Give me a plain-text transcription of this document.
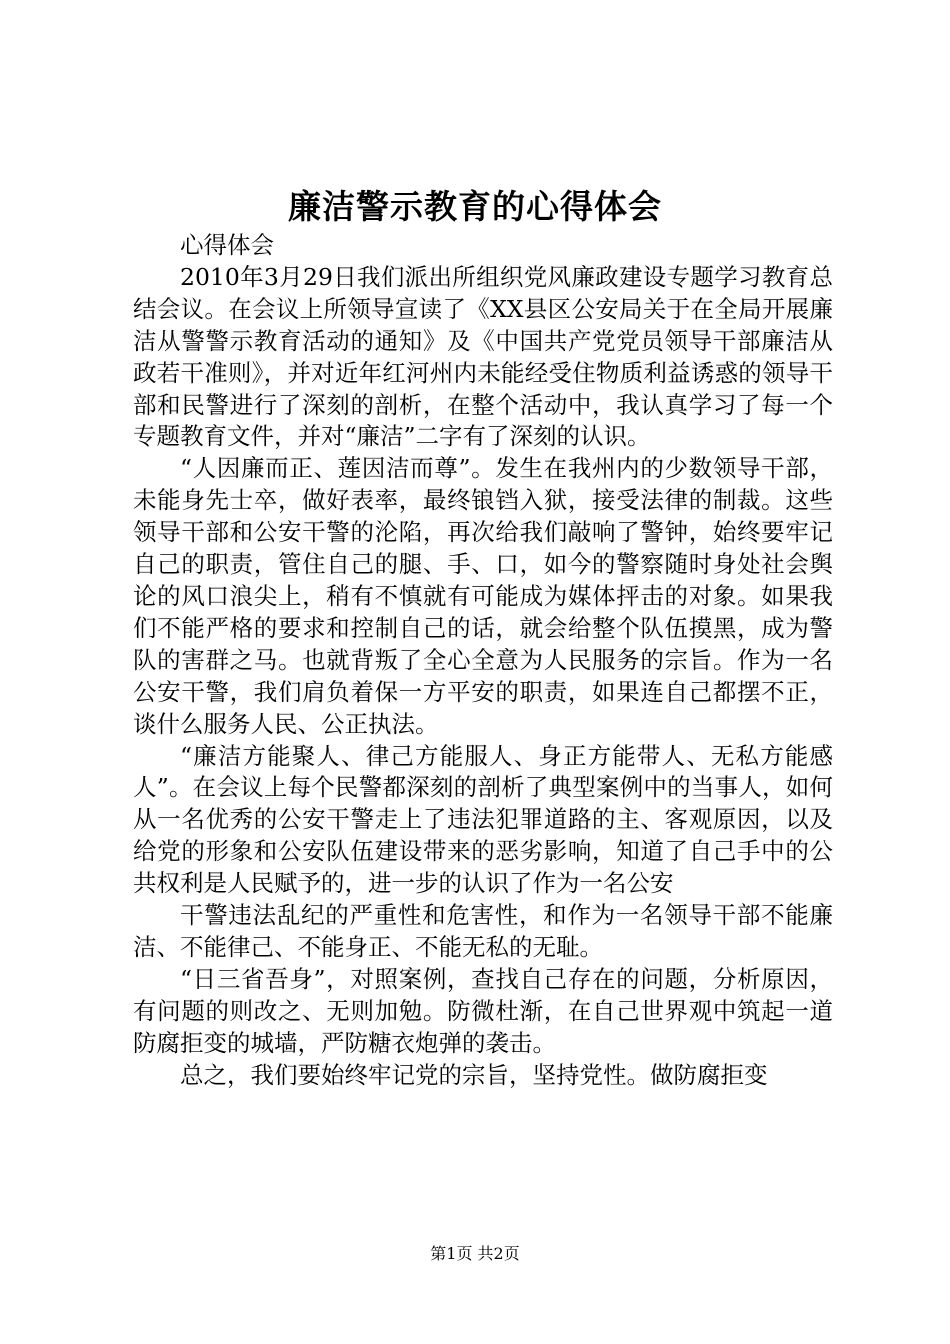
廉洁警示教育的心得体会

心得体会

2010年3月29日我们派出所组织党风廉政建设专题学习教育总结会议。在会议上所领导宣读了《XX县区公安局关于在全局开展廉洁从警警示教育活动的通知》及《中国共产党党员领导干部廉洁从政若干准则》，并对近年红河州内未能经受住物质利益诱惑的领导干部和民警进行了深刻的剖析，在整个活动中，我认真学习了每一个专题教育文件，并对“廉洁”二字有了深刻的认识。

“人因廉而正、莲因洁而尊”。发生在我州内的少数领导干部，未能身先士卒，做好表率，最终锒铛入狱，接受法律的制裁。这些领导干部和公安干警的沦陷，再次给我们敲响了警钟，始终要牢记自己的职责，管住自己的腿、手、口，如今的警察随时身处社会舆论的风口浪尖上，稍有不慎就有可能成为媒体抨击的对象。如果我们不能严格的要求和控制自己的话，就会给整个队伍摸黑，成为警队的害群之马。也就背叛了全心全意为人民服务的宗旨。作为一名公安干警，我们肩负着保一方平安的职责，如果连自己都摆不正，谈什么服务人民、公正执法。

“廉洁方能聚人、律己方能服人、身正方能带人、无私方能感人”。在会议上每个民警都深刻的剖析了典型案例中的当事人，如何从一名优秀的公安干警走上了违法犯罪道路的主、客观原因，以及给党的形象和公安队伍建设带来的恶劣影响，知道了自己手中的公共权利是人民赋予的，进一步的认识了作为一名公安

干警违法乱纪的严重性和危害性，和作为一名领导干部不能廉洁、不能律己、不能身正、不能无私的无耻。

“日三省吾身”，对照案例，查找自己存在的问题，分析原因，有问题的则改之、无则加勉。防微杜渐，在自己世界观中筑起一道防腐拒变的城墙，严防糖衣炮弹的袭击。

总之，我们要始终牢记党的宗旨，坚持党性。做防腐拒变

第1页 共2页
